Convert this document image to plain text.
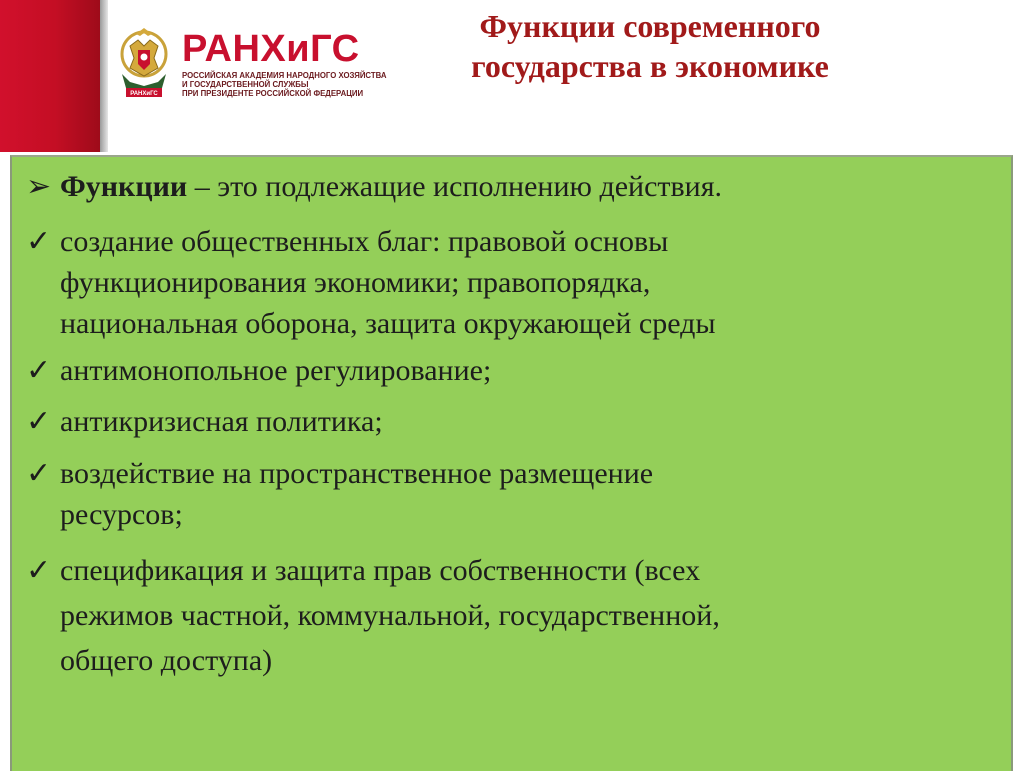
РАНХиГС
РАНХиГС
РОССИЙСКАЯ АКАДЕМИЯ НАРОДНОГО ХОЗЯЙСТВА
И ГОСУДАРСТВЕННОЙ СЛУЖБЫ
ПРИ ПРЕЗИДЕНТЕ РОССИЙСКОЙ ФЕДЕРАЦИИ
Функции современного
государства в экономике
➢ Функции – это подлежащие исполнению действия.
✓ создание общественных благ: правовой основы
функционирования экономики; правопорядка,
национальная оборона, защита окружающей среды
✓ антимонопольное регулирование;
✓ антикризисная политика;
✓ воздействие на пространственное размещение
ресурсов;
✓ спецификация и защита прав собственности (всех
режимов частной, коммунальной, государственной,
общего доступа)
